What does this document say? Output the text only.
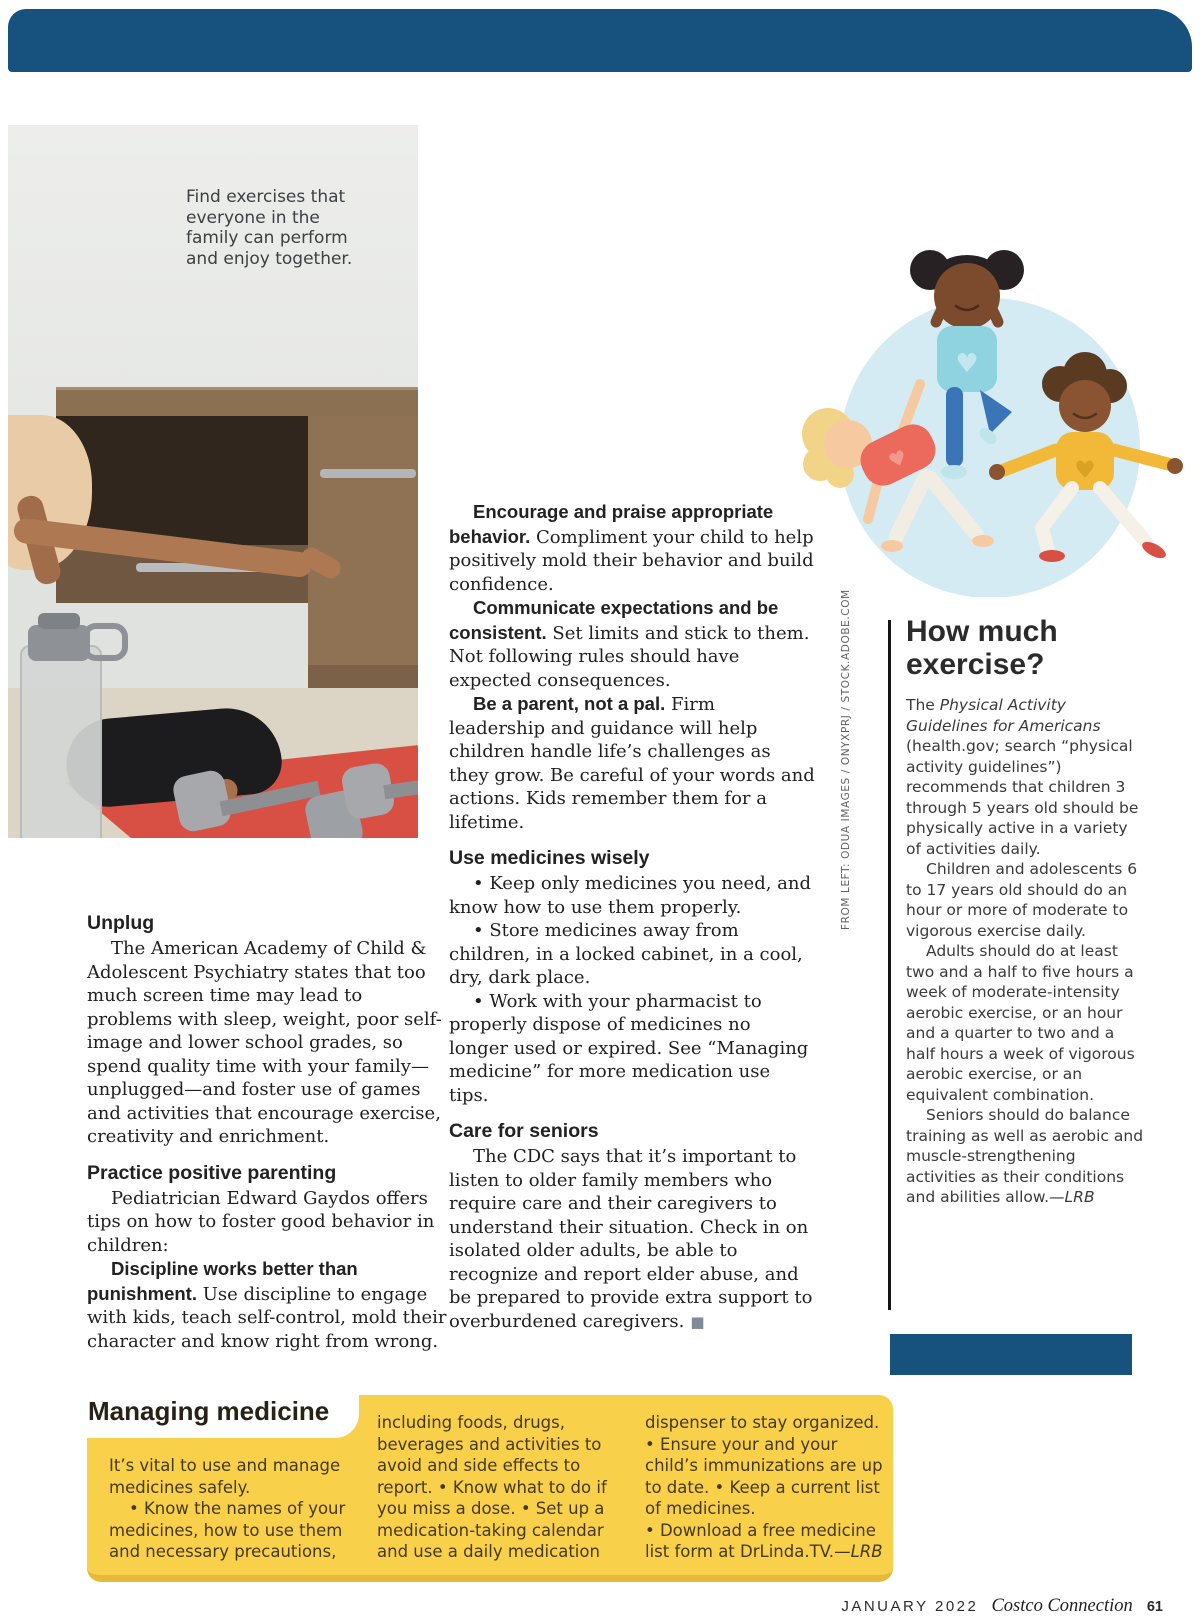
Find exercises that everyone in the family can perform and enjoy together.
♥
♥	♥

Encourage and praise appropriate behavior. Compliment your child to help positively mold their behavior and build confidence.

Communicate expectations and be consistent. Set limits and stick to them. Not following rules should have expected consequences.

Be a parent, not a pal. Firm leadership and guidance will help children handle life’s challenges as they grow. Be careful of your words and actions. Kids remember them for a lifetime.

Use medicines wisely

• Keep only medicines you need, and know how to use them properly.

• Store medicines away from children, in a locked cabinet, in a cool, dry, dark place.

• Work with your pharmacist to properly dispose of medicines no longer used or expired. See “Managing medicine” for more medication use tips.

Care for seniors

The CDC says that it’s important to listen to older family members who require care and their caregivers to understand their situation. Check in on isolated older adults, be able to recognize and report elder abuse, and be prepared to provide extra support to overburdened caregivers. ■

Unplug

The American Academy of Child & Adolescent Psychiatry states that too much screen time may lead to problems with sleep, weight, poor self-image and lower school grades, so spend quality time with your family—unplugged—and foster use of games and activities that encourage exercise, creativity and enrichment.

Practice positive parenting

Pediatrician Edward Gaydos offers tips on how to foster good behavior in children:

Discipline works better than punishment. Use discipline to engage with kids, teach self-control, mold their character and know right from wrong.

FROM LEFT: ODUA IMAGES / ONYXPRJ / STOCK.ADOBE.COM How much exercise?

The Physical Activity Guidelines for Americans (health.gov; search “physical activity guidelines”) recommends that children 3 through 5 years old should be physically active in a variety of activities daily.

Children and adolescents 6 to 17 years old should do an hour or more of moderate to vigorous exercise daily.

Adults should do at least two and a half to five hours a week of moderate-intensity aerobic exercise, or an hour and a quarter to two and a half hours a week of vigorous aerobic exercise, or an equivalent combination.

Seniors should do balance training as well as aerobic and muscle-strengthening activities as their conditions and abilities allow.—LRB

Managing medicine

It’s vital to use and manage medicines safely.

• Know the names of your medicines, how to use them and necessary precautions,

including foods, drugs, beverages and activities to avoid and side effects to report. • Know what to do if you miss a dose. • Set up a medication-taking calendar and use a daily medication

dispenser to stay organized. • Ensure your and your child’s immunizations are up to date. • Keep a current list of medicines.

• Download a free medicine list form at DrLinda.TV.—LRB

JANUARY 2022 Costco Connection 61
